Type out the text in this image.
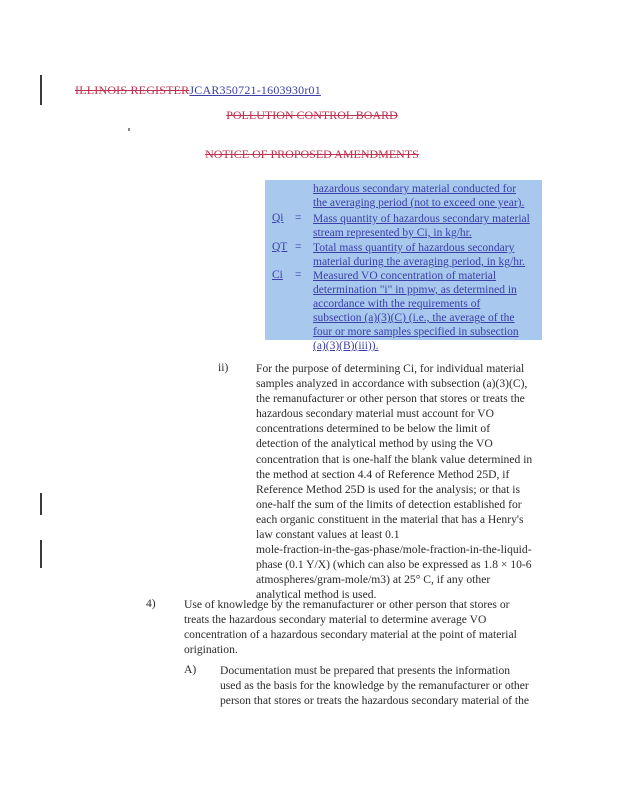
ILLINOIS REGISTERJCAR350721-1603930r01
POLLUTION CONTROL BOARD
NOTICE OF PROPOSED AMENDMENTS
hazardous secondary material conducted for
the averaging period (not to exceed one year).
Qi = Mass quantity of hazardous secondary material
stream represented by Ci, in kg/hr.
QT = Total mass quantity of hazardous secondary
material during the averaging period, in kg/hr.
Ci = Measured VO concentration of material
determination "i" in ppmw, as determined in
accordance with the requirements of
subsection (a)(3)(C) (i.e., the average of the
four or more samples specified in subsection
(a)(3)(B)(iii)).
ii) For the purpose of determining Ci, for individual material
samples analyzed in accordance with subsection (a)(3)(C),
the remanufacturer or other person that stores or treats the
hazardous secondary material must account for VO
concentrations determined to be below the limit of
detection of the analytical method by using the VO
concentration that is one-half the blank value determined in
the method at section 4.4 of Reference Method 25D, if
Reference Method 25D is used for the analysis; or that is
one-half the sum of the limits of detection established for
each organic constituent in the material that has a Henry's
law constant values at least 0.1
mole-fraction-in-the-gas-phase/mole-fraction-in-the-liquid-
phase (0.1 Y/X) (which can also be expressed as 1.8 × 10-6
atmospheres/gram-mole/m3) at 25° C, if any other
analytical method is used.
4) Use of knowledge by the remanufacturer or other person that stores or
treats the hazardous secondary material to determine average VO
concentration of a hazardous secondary material at the point of material
origination.
A) Documentation must be prepared that presents the information
used as the basis for the knowledge by the remanufacturer or other
person that stores or treats the hazardous secondary material of the
